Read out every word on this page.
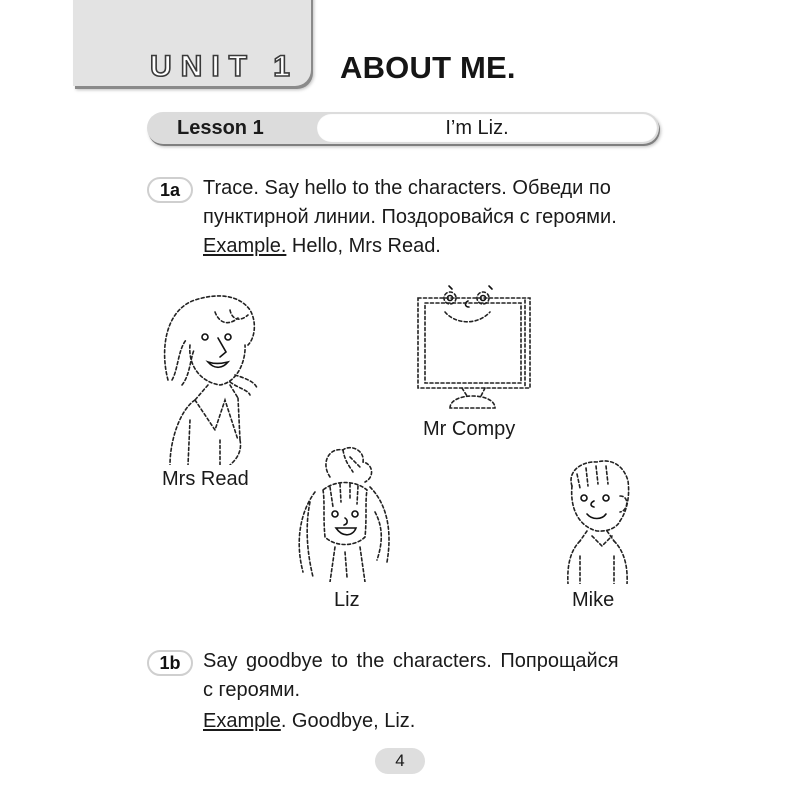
UNIT 1 ABOUT ME.
Lesson 1	I’m Liz.
1a	Trace. Say hello to the characters. Обведи по
пунктирной линии. Поздоровайся с героями.
Example. Hello, Mrs Read.
Mrs Read
Mr Compy
Liz	Mike
1b	Say goodbye to the characters. Попрощайся
с героями.
Example. Goodbye, Liz.
4
